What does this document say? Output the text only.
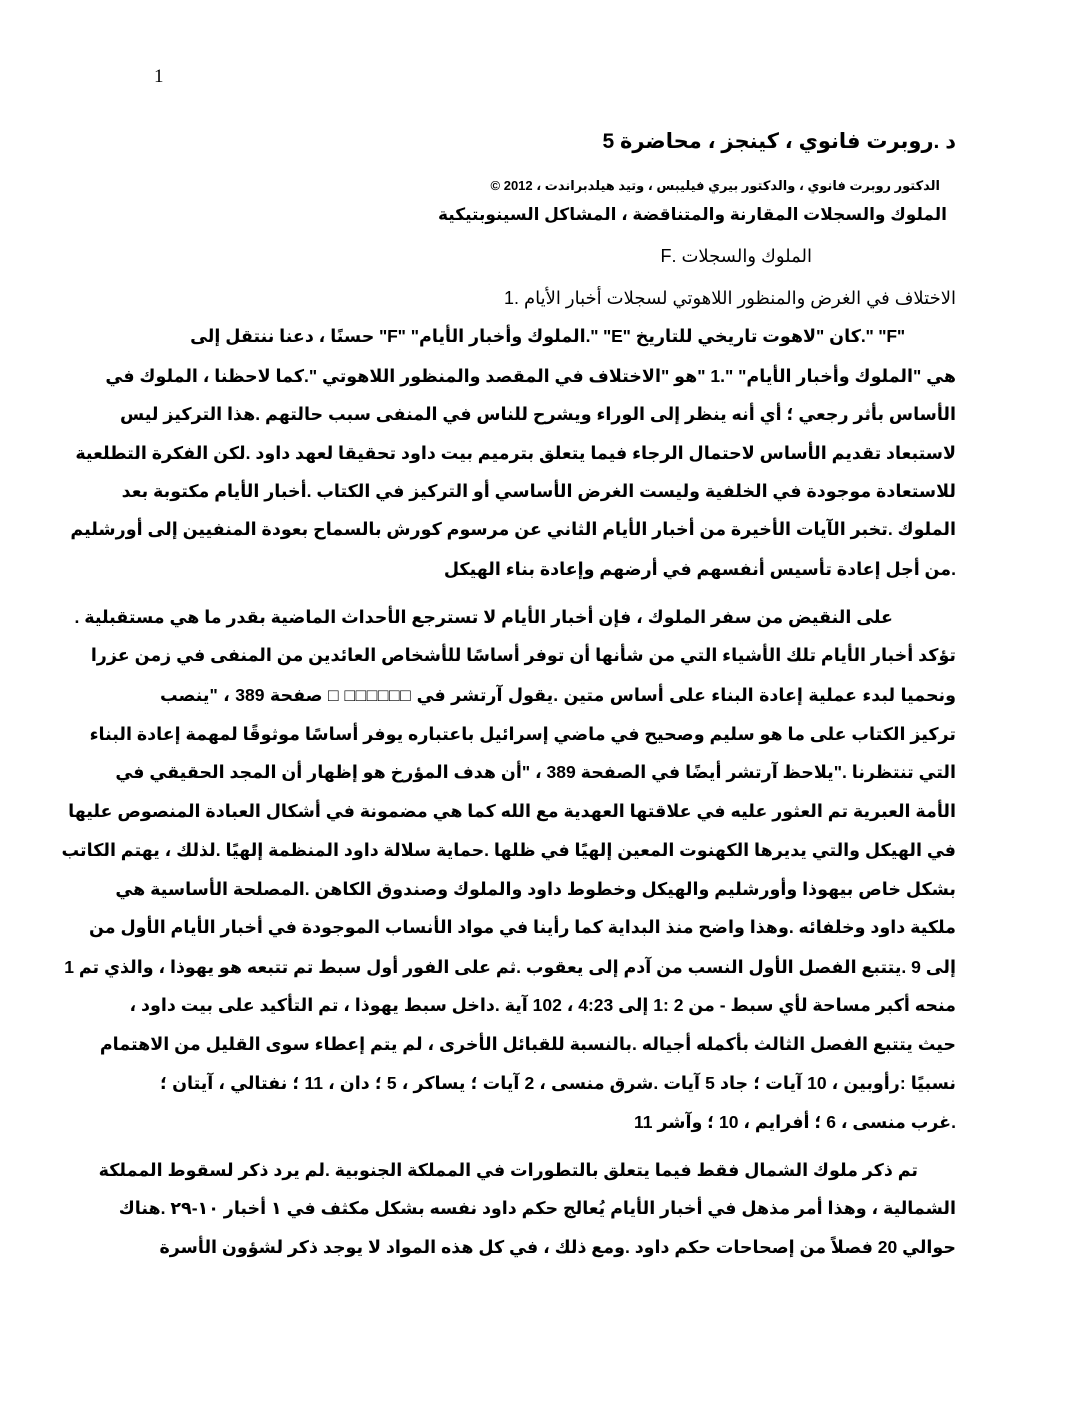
1
د .روبرت فانوي ، كينجز ، محاضرة 5
الدكتور روبرت فانوي ، والدكتور بيري فيليبس ، وتيد هيلدبراندت ، 2012 ©
الملوك والسجلات المقارنة والمتناقضة ، المشاكل السينوبتيكية
الملوك والسجلات .F
الاختلاف في الغرض والمنظور اللاهوتي لسجلات أخبار الأيام .1
"F" ".كان "لاهوت تاريخي للتاريخ "E" ".الملوك وأخبار الأيام" "F" حسنًا ، دعنا ننتقل إلى
هي "الملوك وأخبار الأيام" ".1 "هو "الاختلاف في المقصد والمنظور اللاهوتي ".كما لاحظنا ، الملوك في
الأساس بأثر رجعي ؛ أي أنه ينظر إلى الوراء ويشرح للناس في المنفى سبب حالتهم .هذا التركيز ليس
لاستبعاد تقديم الأساس لاحتمال الرجاء فيما يتعلق بترميم بيت داود تحقيقا لعهد داود .لكن الفكرة التطلعية
للاستعادة موجودة في الخلفية وليست الغرض الأساسي أو التركيز في الكتاب .أخبار الأيام مكتوبة بعد
الملوك .تخبر الآيات الأخيرة من أخبار الأيام الثاني عن مرسوم كورش بالسماح بعودة المنفيين إلى أورشليم
.من أجل إعادة تأسيس أنفسهم في أرضهم وإعادة بناء الهيكل
على النقيض من سفر الملوك ، فإن أخبار الأيام لا تسترجع الأحداث الماضية بقدر ما هي مستقبلية .
تؤكد أخبار الأيام تلك الأشياء التي من شأنها أن توفر أساسًا للأشخاص العائدين من المنفى في زمن عزرا
ونحميا لبدء عملية إعادة البناء على أساس متين .يقول آرتشر في □□□□□□ □ صفحة 389 ، "ينصب
تركيز الكتاب على ما هو سليم وصحيح في ماضي إسرائيل باعتباره يوفر أساسًا موثوقًا لمهمة إعادة البناء
التي تنتظرنا ."يلاحظ آرتشر أيضًا في الصفحة 389 ، "أن هدف المؤرخ هو إظهار أن المجد الحقيقي في
الأمة العبرية تم العثور عليه في علاقتها العهدية مع الله كما هي مضمونة في أشكال العبادة المنصوص عليها
في الهيكل والتي يديرها الكهنوت المعين إلهيًا في ظلها .حماية سلالة داود المنظمة إلهيًا .لذلك ، يهتم الكاتب
بشكل خاص بيهوذا وأورشليم والهيكل وخطوط داود والملوك وصندوق الكاهن .المصلحة الأساسية هي
ملكية داود وخلفائه .وهذا واضح منذ البداية كما رأينا في مواد الأنساب الموجودة في أخبار الأيام الأول من
إلى 9 .يتتبع الفصل الأول النسب من آدم إلى يعقوب .ثم على الفور أول سبط تم تتبعه هو يهوذا ، والذي تم 1
منحه أكبر مساحة لأي سبط - من 2 :1 إلى 4:23 ، 102 آية .داخل سبط يهوذا ، تم التأكيد على بيت داود ،
حيث يتتبع الفصل الثالث بأكمله أجياله .بالنسبة للقبائل الأخرى ، لم يتم إعطاء سوى القليل من الاهتمام
نسبيًا :رأوبين ، 10 آيات ؛ جاد 5 آيات .شرق منسى ، 2 آيات ؛ يساكر ، 5 ؛ دان ، 11 ؛ نفتالي ، آيتان ؛
.غرب منسى ، 6 ؛ أفرايم ، 10 ؛ وآشر 11
تم ذكر ملوك الشمال فقط فيما يتعلق بالتطورات في المملكة الجنوبية .لم يرد ذكر لسقوط المملكة
الشمالية ، وهذا أمر مذهل في أخبار الأيام يُعالج حكم داود نفسه بشكل مكثف في ١ أخبار ١٠-٢٩ .هناك
حوالي 20 فصلاً من إصحاحات حكم داود .ومع ذلك ، في كل هذه المواد لا يوجد ذكر لشؤون الأسرة
